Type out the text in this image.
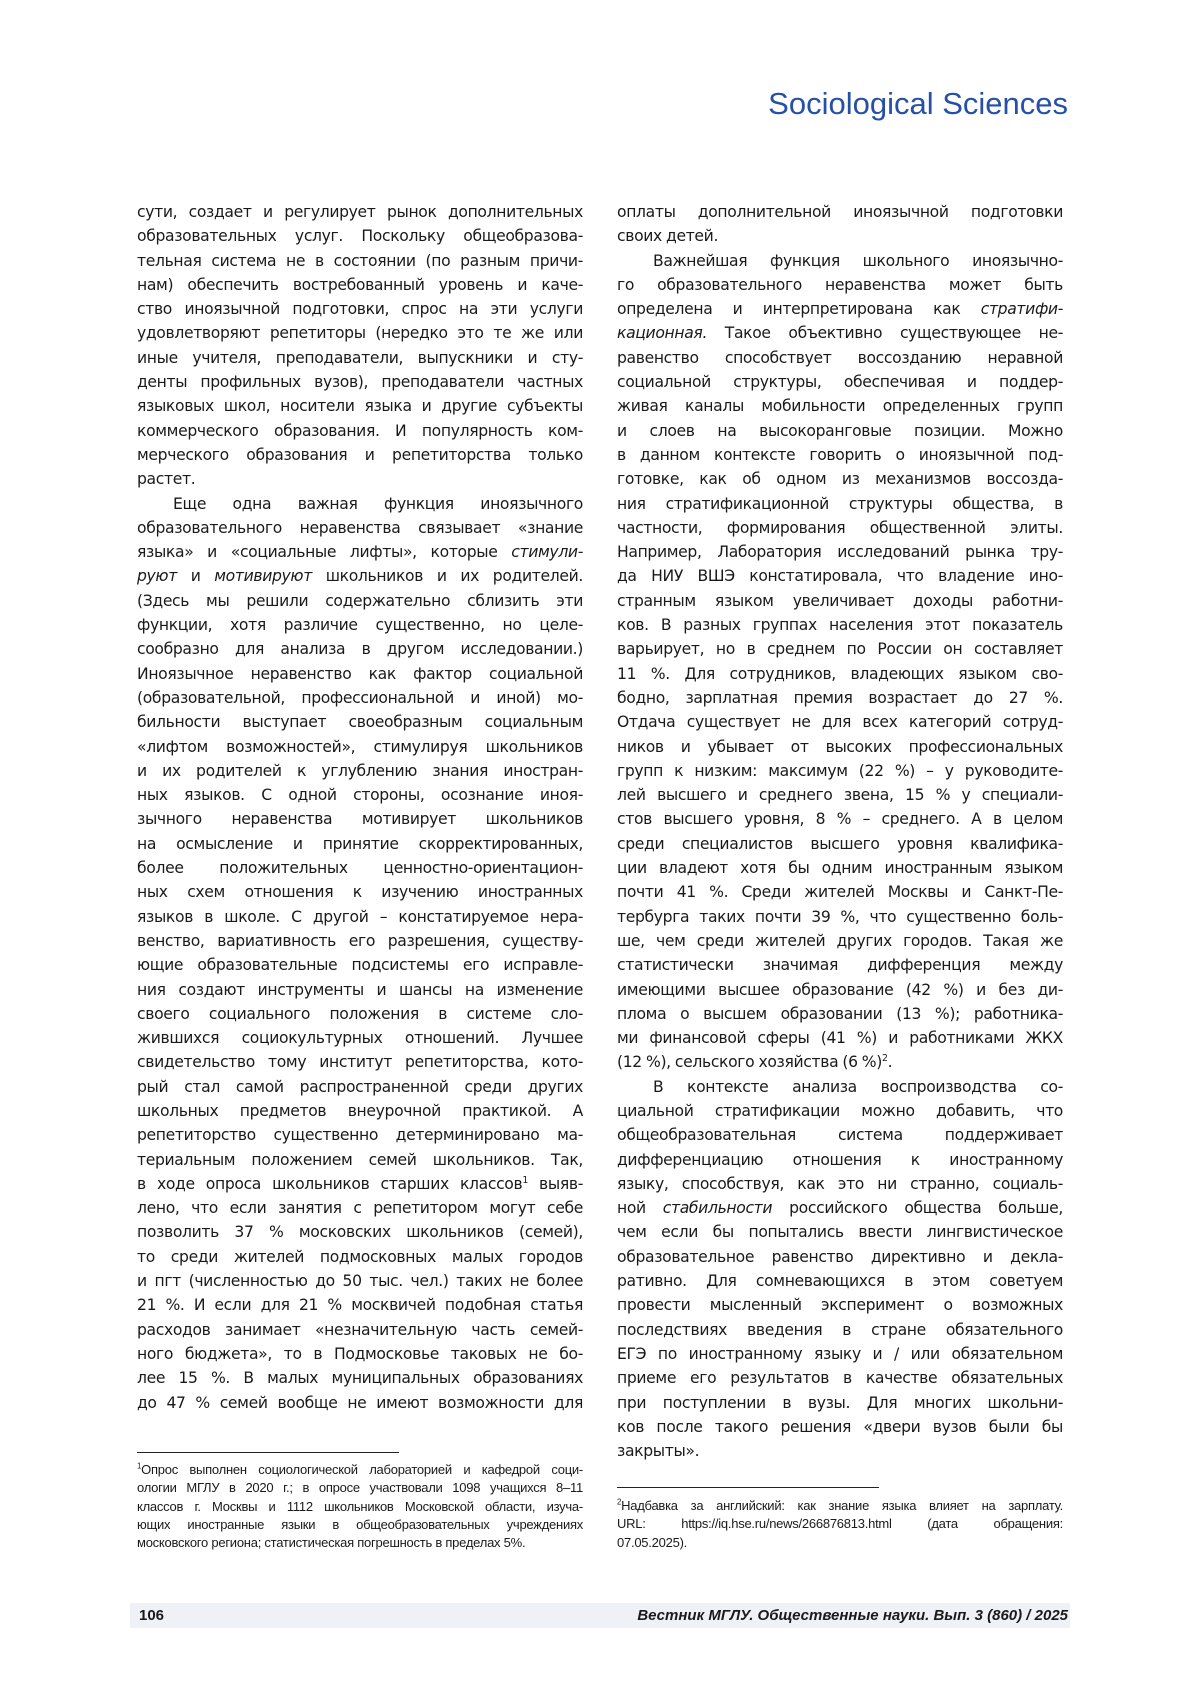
Sociological Sciences
сути, создает и регулирует рынок дополнительных
образовательных услуг. Поскольку общеобразова-
тельная система не в состоянии (по разным причи-
нам) обеспечить востребованный уровень и каче-
ство иноязычной подготовки, спрос на эти услуги
удовлетворяют репетиторы (нередко это те же или
иные учителя, преподаватели, выпускники и сту-
денты профильных вузов), преподаватели частных
языковых школ, носители языка и другие субъекты
коммерческого образования. И популярность ком-
мерческого образования и репетиторства только
растет.
Еще одна важная функция иноязычного
образовательного неравенства связывает «знание
языка» и «социальные лифты», которые стимули-
руют и мотивируют школьников и их родителей.
(Здесь мы решили содержательно сблизить эти
функции, хотя различие существенно, но целе-
сообразно для анализа в другом исследовании.)
Иноязычное неравенство как фактор социальной
(образовательной, профессиональной и иной) мо-
бильности выступает своеобразным социальным
«лифтом возможностей», стимулируя школьников
и их родителей к углублению знания иностран-
ных языков. С одной стороны, осознание иноя-
зычного неравенства мотивирует школьников
на осмысление и принятие скорректированных,
более положительных ценностно-ориентацион-
ных схем отношения к изучению иностранных
языков в школе. С другой – констатируемое нера-
венство, вариативность его разрешения, существу-
ющие образовательные подсистемы его исправле-
ния создают инструменты и шансы на изменение
своего социального положения в системе сло-
жившихся социокультурных отношений. Лучшее
свидетельство тому институт репетиторства, кото-
рый стал самой распространенной среди других
школьных предметов внеурочной практикой. А
репетиторство существенно детерминировано ма-
териальным положением семей школьников. Так,
в ходе опроса школьников старших классов1 выяв-
лено, что если занятия с репетитором могут себе
позволить 37 % московских школьников (семей),
то среди жителей подмосковных малых городов
и пгт (численностью до 50 тыс. чел.) таких не более
21 %. И если для 21 % москвичей подобная статья
расходов занимает «незначительную часть семей-
ного бюджета», то в Подмосковье таковых не бо-
лее 15 %. В малых муниципальных образованиях
до 47 % семей вообще не имеют возможности для
оплаты дополнительной иноязычной подготовки
своих детей.
Важнейшая функция школьного иноязычно-
го образовательного неравенства может быть
определена и интерпретирована как стратифи-
кационная. Такое объективно существующее не-
равенство способствует воссозданию неравной
социальной структуры, обеспечивая и поддер-
живая каналы мобильности определенных групп
и слоев на высокоранговые позиции. Можно
в данном контексте говорить о иноязычной под-
готовке, как об одном из механизмов воссозда-
ния стратификационной структуры общества, в
частности, формирования общественной элиты.
Например, Лаборатория исследований рынка тру-
да НИУ ВШЭ констатировала, что владение ино-
странным языком увеличивает доходы работни-
ков. В разных группах населения этот показатель
варьирует, но в среднем по России он составляет
11 %. Для сотрудников, владеющих языком сво-
бодно, зарплатная премия возрастает до 27 %.
Отдача существует не для всех категорий сотруд-
ников и убывает от высоких профессиональных
групп к низким: максимум (22 %) – у руководите-
лей высшего и среднего звена, 15 % у специали-
стов высшего уровня, 8 % – среднего. А в целом
среди специалистов высшего уровня квалифика-
ции владеют хотя бы одним иностранным языком
почти 41 %. Среди жителей Москвы и Санкт-Пе-
тербурга таких почти 39 %, что существенно боль-
ше, чем среди жителей других городов. Такая же
статистически значимая дифференция между
имеющими высшее образование (42 %) и без ди-
плома о высшем образовании (13 %); работника-
ми финансовой сферы (41 %) и работниками ЖКХ
(12 %), сельского хозяйства (6 %)2.
В контексте анализа воспроизводства со-
циальной стратификации можно добавить, что
общеобразовательная система поддерживает
дифференциацию отношения к иностранному
языку, способствуя, как это ни странно, социаль-
ной стабильности российского общества больше,
чем если бы попытались ввести лингвистическое
образовательное равенство директивно и декла-
ративно. Для сомневающихся в этом советуем
провести мысленный эксперимент о возможных
последствиях введения в стране обязательного
ЕГЭ по иностранному языку и / или обязательном
приеме его результатов в качестве обязательных
при поступлении в вузы. Для многих школьни-
ков после такого решения «двери вузов были бы
закрыты».
1Опрос выполнен социологической лабораторией и кафедрой соци-
ологии МГЛУ в 2020 г.; в опросе участвовали 1098 учащихся 8–11
классов г. Москвы и 1112 школьников Московской области, изуча-
ющих иностранные языки в общеобразовательных учреждениях
московского региона; статистическая погрешность в пределах 5%.
2Надбавка за английский: как знание языка влияет на зарплату.
URL: https://iq.hse.ru/news/266876813.html (дата обращения:
07.05.2025).
106	Вестник МГЛУ. Общественные науки. Вып. 3 (860) / 2025
